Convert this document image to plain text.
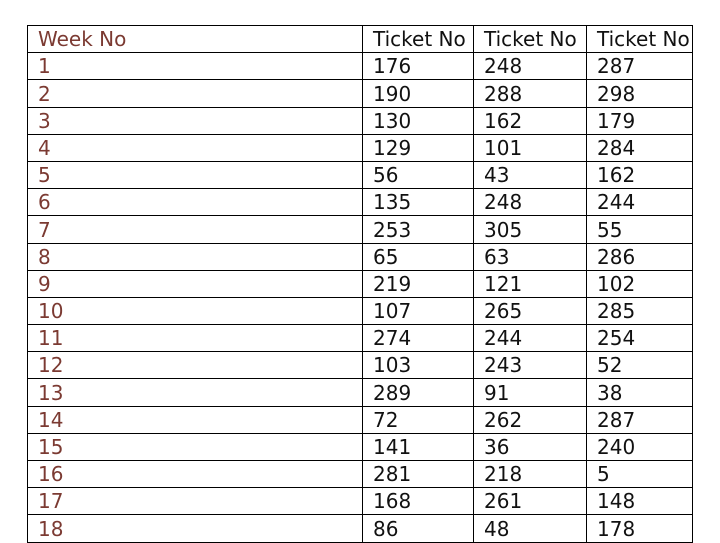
Week No	Ticket No	Ticket No	Ticket No
1	176	248	287
2	190	288	298
3	130	162	179
4	129	101	284
5	56	43	162
6	135	248	244
7	253	305	55
8	65	63	286
9	219	121	102
10	107	265	285
11	274	244	254
12	103	243	52
13	289	91	38
14	72	262	287
15	141	36	240
16	281	218	5
17	168	261	148
18	86	48	178
